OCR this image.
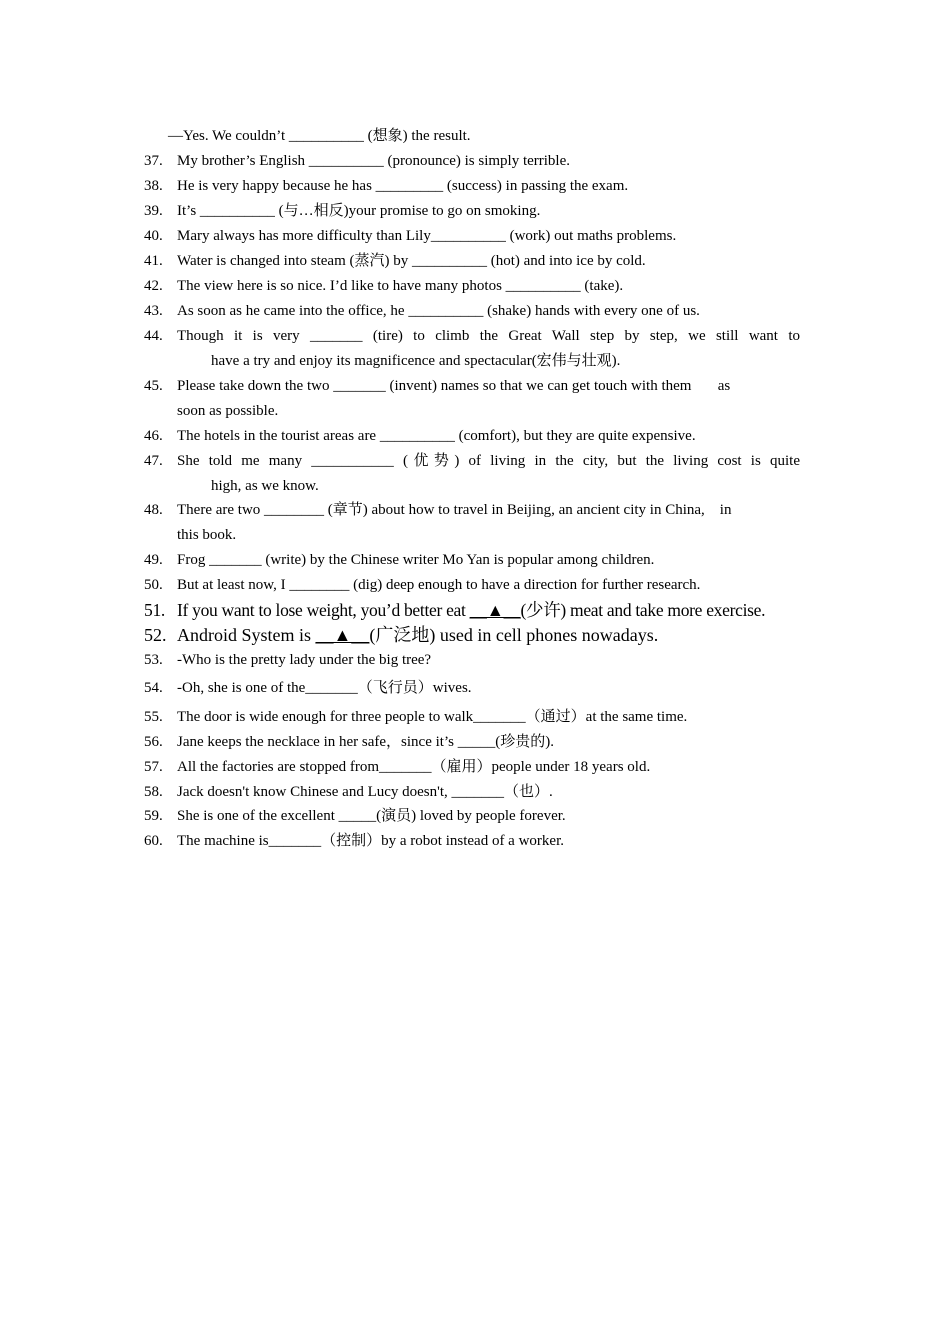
—Yes. We couldn’t __________ (想象) the result.
37. My brother’s English __________ (pronounce) is simply terrible.
38. He is very happy because he has _________ (success) in passing the exam.
39. It’s __________ (与…相反)your promise to go on smoking.
40. Mary always has more difficulty than Lily__________ (work) out maths problems.
41. Water is changed into steam (蒸汽) by __________ (hot) and into ice by cold.
42. The view here is so nice. I’d like to have many photos __________ (take).
43. As soon as he came into the office, he __________ (shake) hands with every one of us.
44. Though it is very _______ (tire) to climb the Great Wall step by step, we still want to
have a try and enjoy its magnificence and spectacular(宏伟与壮观).
45. Please take down the two _______ (invent) names so that we can get touch with them       as
soon as possible.
46. The hotels in the tourist areas are __________ (comfort), but they are quite expensive.
47. She told me many ___________ (优势) of living in the city, but the living cost is quite
high, as we know.
48. There are two ________ (章节) about how to travel in Beijing, an ancient city in China,    in
this book.
49. Frog _______ (write) by the Chinese writer Mo Yan is popular among children.
50. But at least now, I ________ (dig) deep enough to have a direction for further research.
51. If you want to lose weight, you’d better eat __▲__(少许) meat and take more exercise.
52. Android System is __▲__(广泛地) used in cell phones nowadays.
53. -Who is the pretty lady under the big tree?
54. -Oh, she is one of the_______（飞行员）wives.
55. The door is wide enough for three people to walk_______（通过）at the same time.
56. Jane keeps the necklace in her safe，since it’s _____(珍贵的).
57. All the factories are stopped from_______（雇用）people under 18 years old.
58. Jack doesn't know Chinese and Lucy doesn't, _______（也）.
59. She is one of the excellent _____(演员) loved by people forever.
60. The machine is_______（控制）by a robot instead of a worker.
